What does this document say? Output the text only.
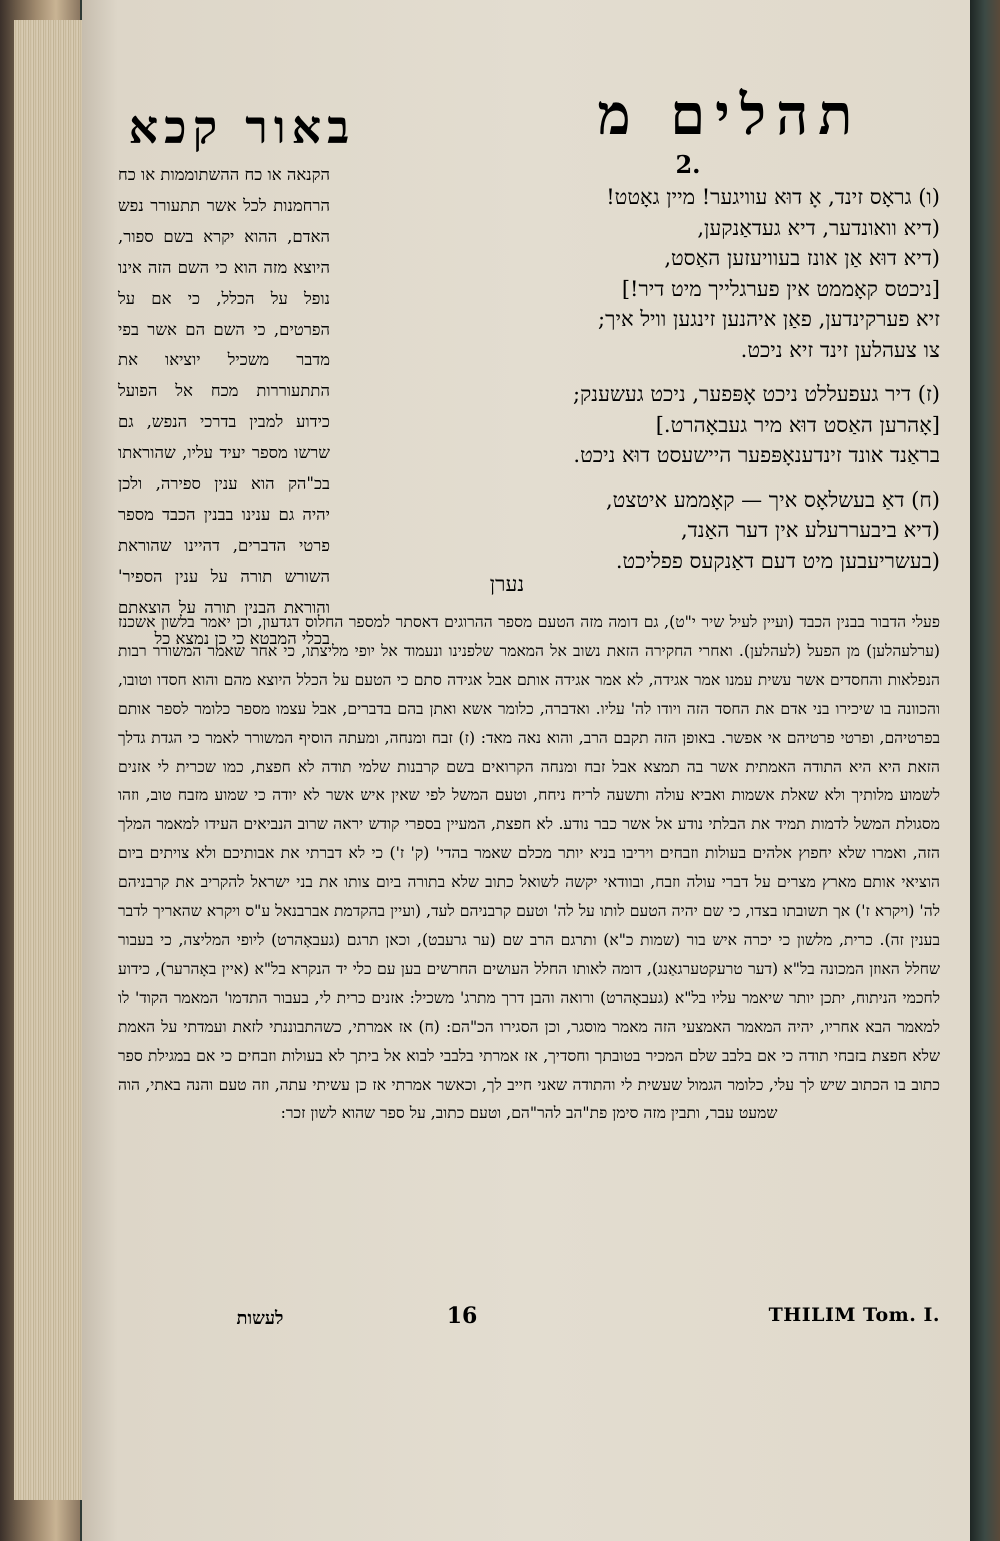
באור קכא	תהלים מ
2.

הקנאה או כח ההשתוממות או כח הרחמנות לכל אשר תתעורר נפש האדם, ההוא יקרא בשם ספור, היוצא מזה הוא כי השם הזה אינו נופל על הכלל, כי אם על הפרטים, כי השם הם אשר בפי מדבר משכיל יוציאו את התתעוררות מכח אל הפועל כידוע למבין בדרכי הנפש, גם שרשו מספר יעיד עליו, שהוראתו בכ"הק הוא ענין ספירה, ולכן יהיה גם ענינו בבנין הכבד מספר פרטי הדברים, דהיינו שהוראת השורש תורה על ענין הספיר' והוראת הבנין תורה על הוצאתם בכלי המבטא כי כן נמצא כל

(ו) גראָס זינד, אָ דוּא עוויגער! מיין גאָטט!
(דיא וואונדער, דיא געדאַנקען,
(דיא דוּא אַן אונז בעוויעזען האַסט,
[ניכטס קאָממט אין פערגלייך מיט דיר!]
זיא פערקינדען, פאַן איהנען זינגען וויל איך;
צו צעהלען זינד זיא ניכט.
(ז) דיר געפעללט ניכט אָפּפער, ניכט געשענק;
[אָהרען האַסט דוּא מיר געבאָהרט.]
בראַנד אונד זינדענאָפּפער היישעסט דוּא ניכט.
(ח) דאַ בעשלאָס איך — קאָממע איטצט,
(דיא ביבעררעלע אין דער האַנד,
(בעשריעבען מיט דעם דאַנקעס פפליכט.
נערן

פעלי הדבור בבנין הכבד (ועיין לעיל שיר י"ט), גם דומה מזה הטעם מספר ההרוגים דאסתר למספר החלוס דגדעון, וכן יאמר בלשון אשכנז (ערלעהלען) מן הפעל (לעהלען). ואחרי החקירה הזאת נשוב אל המאמר שלפנינו ונעמוד אל יופי מליצתו, כי אחר שאמר המשורר רבות הנפלאות והחסדים אשר עשית עמנו אמר אגידה, לא אמר אגידה אותם אבל אגידה סתם כי הטעם על הכלל היוצא מהם והוא חסדו וטובו, והכוונה בו שיכירו בני אדם את החסד הזה ויודו לה' עליו. ואדברה, כלומר אשא ואתן בהם בדברים, אבל עצמו מספר כלומר לספר אותם בפרטיהם, ופרטי פרטיהם אי אפשר. באופן הזה תקבם הרב, והוא נאה מאד: (ז) זבח ומנחה, ומעתה הוסיף המשורר לאמר כי הגדת גדלך הזאת היא היא התודה האמתית אשר בה תמצא אבל זבח ומנחה הקרואים בשם קרבנות שלמי תודה לא חפצת, כמו שכרית לי אזנים לשמוע מלותיך ולא שאלת אשמות ואביא עולה ותשעה לריח ניחח, וטעם המשל לפי שאין איש אשר לא יודה כי שמוע מזבח טוב, וזהו מסגולת המשל לדמות תמיד את הבלתי נודע אל אשר כבר נודע. לא חפצת, המעיין בספרי קודש יראה שרוב הנביאים העידו למאמר המלך הזה, ואמרו שלא יחפוץ אלהים בעולות וזבחים ויריבו בניא יותר מכלם שאמר בהדי' (ק' ז') כי לא דברתי את אבותיכם ולא צויתים ביום הוציאי אותם מארץ מצרים על דברי עולה וזבח, ובוודאי יקשה לשואל כתוב שלא בתורה ביום צותו את בני ישראל להקריב את קרבניהם לה' (ויקרא ז') אך תשובתו בצדו, כי שם יהיה הטעם לותו על לה' וטעם קרבניהם לעד, (ועיין בהקדמת אברבנאל ע"ס ויקרא שהאריך לדבר בענין זה). כרית, מלשון כי יכרה איש בור (שמות כ"א) ותרגם הרב שם (ער גרעבט), וכאן תרגם (געבאָהרט) ליופי המליצה, כי בעבור שחלל האוזן המכונה בל"א (דער טרעקטערגאַנג), דומה לאותו החלל העושים החרשים בען עם כלי יד הנקרא בל"א (איין באָהרער), כידוע לחכמי הניתוח, יתכן יותר שיאמר עליו בל"א (געבאָהרט) ורואה והבן דרך מתרג' משכיל: אזנים כרית לי, בעבור התדמו' המאמר הקוד' לו למאמר הבא אחריו, יהיה המאמר האמצעי הזה מאמר מוסגר, וכן הסגירו הכ"הם: (ח) אז אמרתי, כשהתבוננתי לזאת ועמדתי על האמת שלא חפצת בזבחי תודה כי אם בלבב שלם המכיר בטובתך וחסדיך, אז אמרתי בלבבי לבוא אל ביתך לא בעולות וזבחים כי אם במגילת ספר כתוב בו הכתוב שיש לך עלי, כלומר הגמול שעשית לי והתודה שאני חייב לך, וכאשר אמרתי אז כן עשיתי עתה, וזה טעם והנה באתי, הוה שמעט עבר, ותבין מזה סימן פת"הב להר"הם, וטעם כתוב, על ספר שהוא לשון זכר:

לעשות	16	THILIM Tom. I.
